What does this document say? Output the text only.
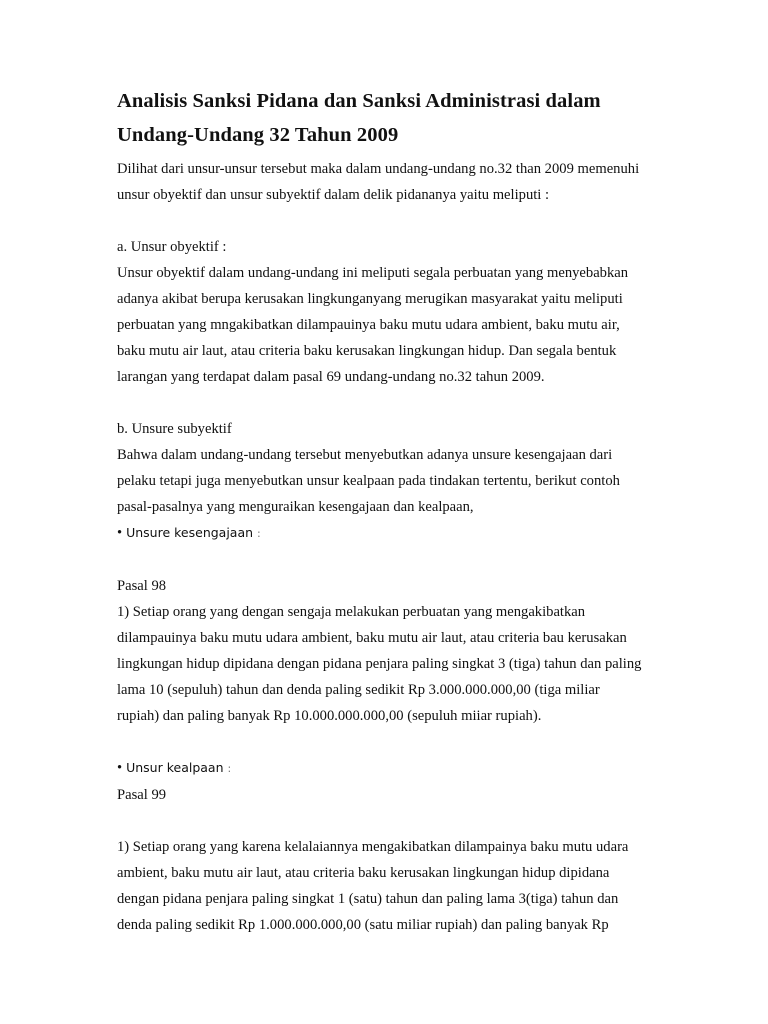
Analisis Sanksi Pidana dan Sanksi Administrasi dalam
Undang-Undang 32 Tahun 2009

Dilihat dari unsur-unsur tersebut maka dalam undang-undang no.32 than 2009 memenuhi

unsur obyektif dan unsur subyektif dalam delik pidananya yaitu meliputi :

a. Unsur obyektif :

Unsur obyektif dalam undang-undang ini meliputi segala perbuatan yang menyebabkan

adanya akibat berupa kerusakan lingkunganyang merugikan masyarakat yaitu meliputi

perbuatan yang mngakibatkan dilampauinya baku mutu udara ambient, baku mutu air,

baku mutu air laut, atau criteria baku kerusakan lingkungan hidup. Dan segala bentuk

larangan yang terdapat dalam pasal 69 undang-undang no.32 tahun 2009.

b. Unsure subyektif

Bahwa dalam undang-undang tersebut menyebutkan adanya unsure kesengajaan dari

pelaku tetapi juga menyebutkan unsur kealpaan pada tindakan tertentu, berikut contoh

pasal-pasalnya yang menguraikan kesengajaan dan kealpaan,

• Unsure kesengajaan :

Pasal 98

1) Setiap orang yang dengan sengaja melakukan perbuatan yang mengakibatkan

dilampauinya baku mutu udara ambient, baku mutu air laut, atau criteria bau kerusakan

lingkungan hidup dipidana dengan pidana penjara paling singkat 3 (tiga) tahun dan paling

lama 10 (sepuluh) tahun dan denda paling sedikit Rp 3.000.000.000,00 (tiga miliar

rupiah) dan paling banyak Rp 10.000.000.000,00 (sepuluh miiar rupiah).

• Unsur kealpaan :

Pasal 99

1) Setiap orang yang karena kelalaiannya mengakibatkan dilampainya baku mutu udara

ambient, baku mutu air laut, atau criteria baku kerusakan lingkungan hidup dipidana

dengan pidana penjara paling singkat 1 (satu) tahun dan paling lama 3(tiga) tahun dan

denda paling sedikit Rp 1.000.000.000,00 (satu miliar rupiah) dan paling banyak Rp
